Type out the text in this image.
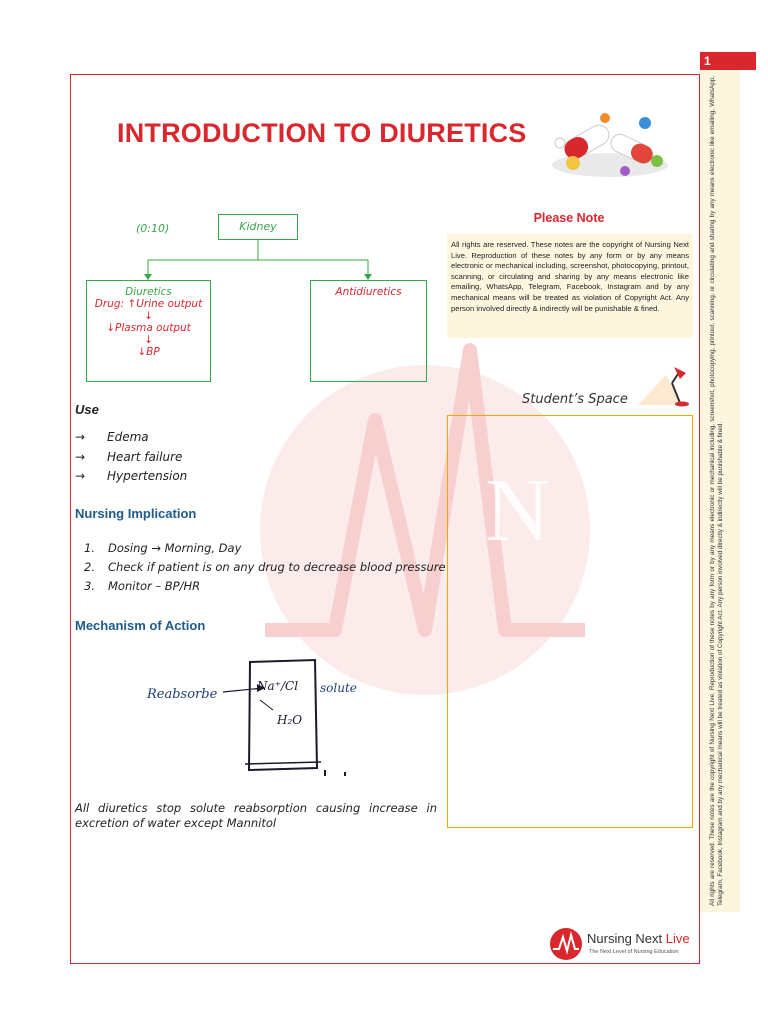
All rights are reserved. These notes are the copyright of Nursing Next Live. Reproduction of these notes by any form or by any means electronic or mechanical including, screenshot, photocopying, printout, scanning, or circulating and sharing by any means electronic like emailing, WhatsApp, Telegram, Facebook, Instagram and by any mechanical means will be treated as violation of Copyright Act. Any person involved directly & indirectly will be punishable & fined.
1
N
INTRODUCTION TO DIURETICS
(0:10)	Kidney
Diuretics
Drug: ↑Urine output
↓
↓Plasma output
↓
↓BP
Antidiuretics
Use
→	Edema
→	Heart failure
→	Hypertension
Nursing Implication
1.	Dosing → Morning, Day
2.	Check if patient is on any drug to decrease blood pressure
3.	Monitor – BP/HR
Mechanism of Action
Reabsorbe
Na⁺/Cl solute
H₂O
All diuretics stop solute reabsorption causing increase in excretion of water except Mannitol
Please Note
All rights are reserved. These notes are the copyright of Nursing Next Live. Reproduction of these notes by any form or by any means electronic or mechanical including, screenshot, photocopying, printout, scanning, or circulating and sharing by any means electronic like emailing, WhatsApp, Telegram, Facebook, Instagram and by any mechanical means will be treated as violation of Copyright Act. Any person involved directly & indirectly will be punishable & fined.
Student’s Space
Nursing Next Live
The Next Level of Nursing Education
